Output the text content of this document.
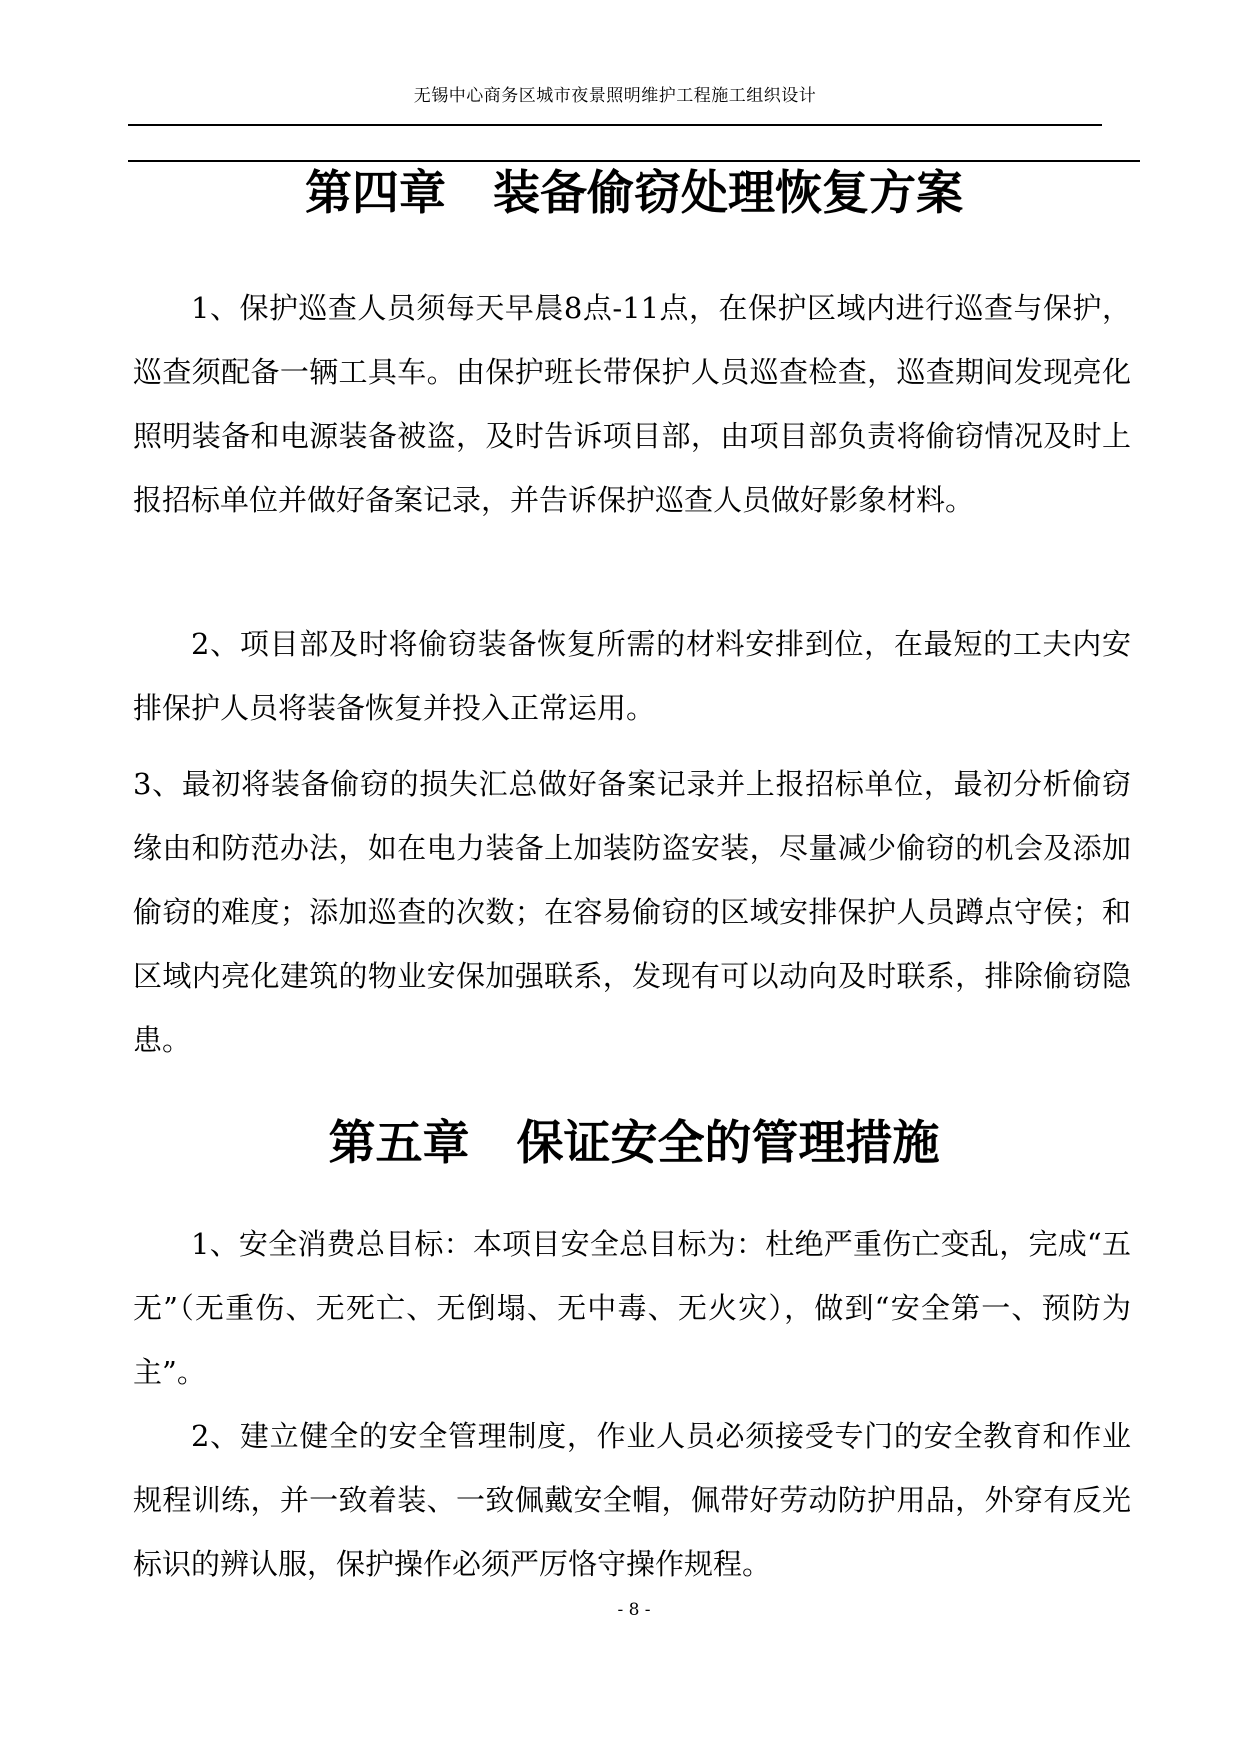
无锡中心商务区城市夜景照明维护工程施工组织设计
第四章　装备偷窃处理恢复方案

1、保护巡查人员须每天早晨8点-11点，在保护区域内进行巡查与保护，巡查须配备一辆工具车。由保护班长带保护人员巡查检查，巡查期间发现亮化照明装备和电源装备被盗，及时告诉项目部，由项目部负责将偷窃情况及时上报招标单位并做好备案记录，并告诉保护巡查人员做好影象材料。

2、项目部及时将偷窃装备恢复所需的材料安排到位，在最短的工夫内安排保护人员将装备恢复并投入正常运用。

3、最初将装备偷窃的损失汇总做好备案记录并上报招标单位，最初分析偷窃缘由和防范办法，如在电力装备上加装防盗安装，尽量减少偷窃的机会及添加偷窃的难度；添加巡查的次数；在容易偷窃的区域安排保护人员蹲点守侯；和区域内亮化建筑的物业安保加强联系，发现有可以动向及时联系，排除偷窃隐患。

第五章　保证安全的管理措施

1、安全消费总目标：本项目安全总目标为：杜绝严重伤亡变乱，完成“五　无”（无重伤、无死亡、无倒塌、无中毒、无火灾），做到“安全第一、预防为主”。

2、建立健全的安全管理制度，作业人员必须接受专门的安全教育和作业规程训练，并一致着装、一致佩戴安全帽，佩带好劳动防护用品，外穿有反光标识的辨认服，保护操作必须严厉恪守操作规程。

- 8 -
